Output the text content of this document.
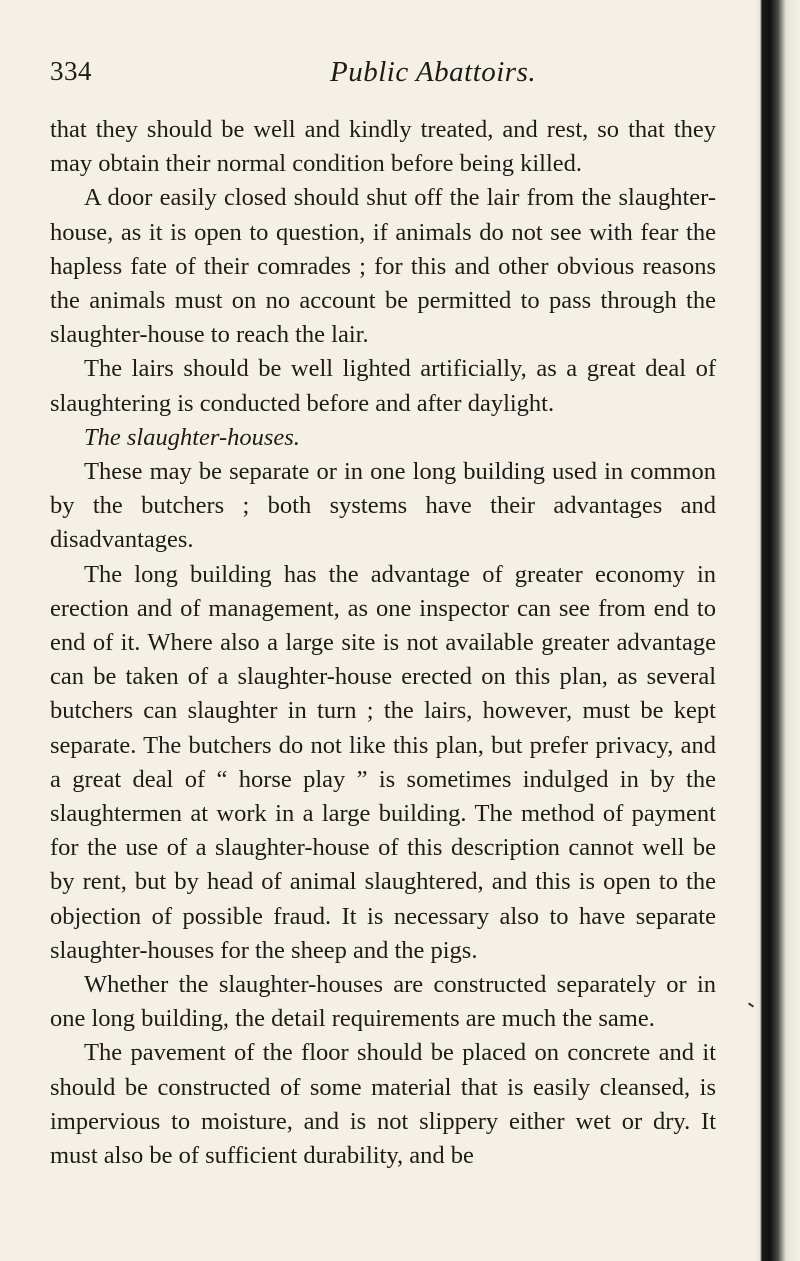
334	Public Abattoirs.

that they should be well and kindly treated, and rest, so that they may obtain their normal condition before being killed.

A door easily closed should shut off the lair from the slaughter-house, as it is open to question, if animals do not see with fear the hapless fate of their comrades ; for this and other obvious reasons the animals must on no account be permitted to pass through the slaughter-house to reach the lair.

The lairs should be well lighted artificially, as a great deal of slaughtering is conducted before and after daylight.

The slaughter-houses.

These may be separate or in one long building used in common by the butchers ; both systems have their advantages and disadvantages.

The long building has the advantage of greater economy in erection and of management, as one inspector can see from end to end of it. Where also a large site is not available greater advantage can be taken of a slaughter-house erected on this plan, as several butchers can slaughter in turn ; the lairs, however, must be kept separate. The butchers do not like this plan, but prefer privacy, and a great deal of “ horse play ” is sometimes indulged in by the slaughtermen at work in a large building. The method of payment for the use of a slaughter-house of this description cannot well be by rent, but by head of animal slaughtered, and this is open to the objection of possible fraud. It is necessary also to have separate slaughter-houses for the sheep and the pigs.

Whether the slaughter-houses are constructed separately or in one long building, the detail requirements are much the same.

The pavement of the floor should be placed on concrete and it should be constructed of some material that is easily cleansed, is impervious to moisture, and is not slippery either wet or dry. It must also be of sufficient durability, and be
